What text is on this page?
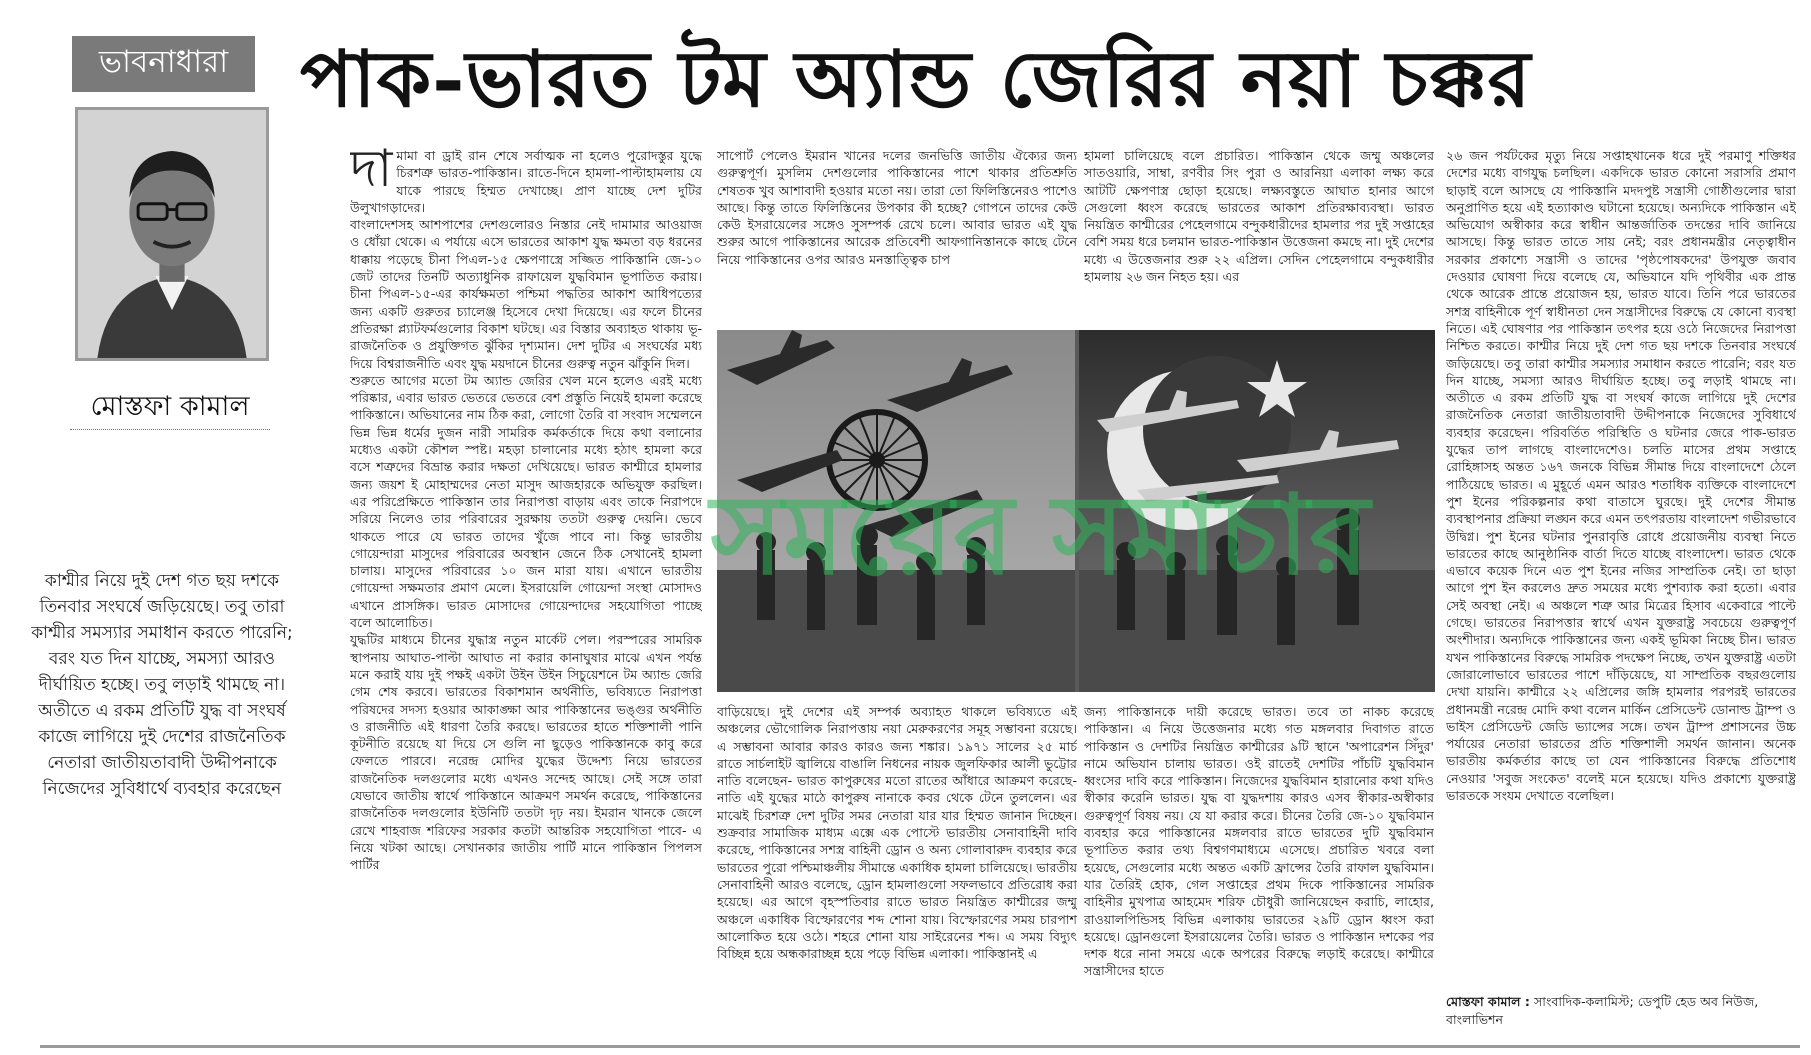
ভাবনাধারা পাক-ভারত টম অ্যান্ড জেরির নয়া চক্কর
মোস্তফা কামাল
কাশ্মীর নিয়ে দুই দেশ গত ছয় দশকে তিনবার সংঘর্ষে জড়িয়েছে। তবু তারা কাশ্মীর সমস্যার সমাধান করতে পারেনি; বরং যত দিন যাচ্ছে, সমস্যা আরও দীর্ঘায়িত হচ্ছে। তবু লড়াই থামছে না। অতীতে এ রকম প্রতিটি যুদ্ধ বা সংঘর্ষ কাজে লাগিয়ে দুই দেশের রাজনৈতিক নেতারা জাতীয়তাবাদী উদ্দীপনাকে নিজেদের সুবিধার্থে ব্যবহার করেছেন
দা মামা বা ড্রাই রান শেষে সর্বাত্মক না হলেও পুরোদস্তুর যুদ্ধে চিরশত্রু ভারত-পাকিস্তান। রাতে-দিনে হামলা-পাল্টাহামলায় যে যাকে পারছে হিম্মত দেখাচ্ছে। প্রাণ যাচ্ছে দেশ দুটির উলুখাগড়াদের।

বাংলাদেশসহ আশপাশের দেশগুলোরও নিস্তার নেই দামামার আওয়াজ ও ধোঁয়া থেকে। এ পর্যায়ে এসে ভারতের আকাশ যুদ্ধ ক্ষমতা বড় ধরনের ধাক্কায় পড়েছে চীনা পিএল-১৫ ক্ষেপণাস্ত্রে সজ্জিত পাকিস্তানি জে-১০ জেট তাদের তিনটি অত্যাধুনিক রাফায়েল যুদ্ধবিমান ভূপাতিত করায়। চীনা পিএল-১৫-এর কার্যক্ষমতা পশ্চিমা পদ্ধতির আকাশ আধিপত্যের জন্য একটি গুরুতর চ্যালেঞ্জ হিসেবে দেখা দিয়েছে। এর ফলে চীনের প্রতিরক্ষা প্ল্যাটফর্মগুলোর বিকাশ ঘটছে। এর বিস্তার অব্যাহত থাকায় ভূ-রাজনৈতিক ও প্রযুক্তিগত ঝুঁকির দৃশ্যমান। দেশ দুটির এ সংঘর্ষের মধ্য দিয়ে বিশ্বরাজনীতি এবং যুদ্ধ ময়দানে চীনের গুরুত্ব নতুন ঝাঁকুনি দিল।

শুরুতে আগের মতো টম অ্যান্ড জেরির খেল মনে হলেও এরই মধ্যে পরিষ্কার, এবার ভারত ভেতরে ভেতরে বেশ প্রস্তুতি নিয়েই হামলা করেছে পাকিস্তানে। অভিযানের নাম ঠিক করা, লোগো তৈরি বা সংবাদ সম্মেলনে ভিন্ন ভিন্ন ধর্মের দুজন নারী সামরিক কর্মকর্তাকে দিয়ে কথা বলানোর মধ্যেও একটা কৌশল স্পষ্ট। মহড়া চালানোর মধ্যে হঠাৎ হামলা করে বসে শত্রুদের বিভ্রান্ত করার দক্ষতা দেখিয়েছে। ভারত কাশ্মীরে হামলার জন্য জয়শ ই মোহাম্মদের নেতা মাসুদ আজহারকে অভিযুক্ত করছিল। এর পরিপ্রেক্ষিতে পাকিস্তান তার নিরাপত্তা বাড়ায় এবং তাকে নিরাপদে সরিয়ে নিলেও তার পরিবারের সুরক্ষায় ততটা গুরুত্ব দেয়নি। ভেবে থাকতে পারে যে ভারত তাদের খুঁজে পাবে না। কিন্তু ভারতীয় গোয়েন্দারা মাসুদের পরিবারের অবস্থান জেনে ঠিক সেখানেই হামলা চালায়। মাসুদের পরিবারের ১০ জন মারা যায়। এখানে ভারতীয় গোয়েন্দা সক্ষমতার প্রমাণ মেলে। ইসরায়েলি গোয়েন্দা সংস্থা মোসাদও এখানে প্রাসঙ্গিক। ভারত মোসাদের গোয়েন্দাদের সহযোগিতা পাচ্ছে বলে আলোচিত।

যুদ্ধটির মাধ্যমে চীনের যুদ্ধাস্ত্র নতুন মার্কেট পেল। পরস্পরের সামরিক স্থাপনায় আঘাত-পাল্টা আঘাত না করার কানাঘুষার মাঝে এখন পর্যন্ত মনে করাই যায় দুই পক্ষই একটা উইন উইন সিচুয়েশনে টম অ্যান্ড জেরি গেম শেষ করবে। ভারতের বিকাশমান অর্থনীতি, ভবিষ্যতে নিরাপত্তা পরিষদের সদস্য হওয়ার আকাঙ্ক্ষা আর পাকিস্তানের ভঙ্গুর অর্থনীতি ও রাজনীতি এই ধারণা তৈরি করছে। ভারতের হাতে শক্তিশালী পানি কূটনীতি রয়েছে যা দিয়ে সে গুলি না ছুড়েও পাকিস্তানকে কাবু করে ফেলতে পারবে। নরেন্দ্র মোদির যুদ্ধের উদ্দেশ্য নিয়ে ভারতের রাজনৈতিক দলগুলোর মধ্যে এখনও সন্দেহ আছে। সেই সঙ্গে তারা যেভাবে জাতীয় স্বার্থে পাকিস্তানে আক্রমণ সমর্থন করেছে, পাকিস্তানের রাজনৈতিক দলগুলোর ইউনিটি ততটা দৃঢ় নয়। ইমরান খানকে জেলে রেখে শাহবাজ শরিফের সরকার কতটা আন্তরিক সহযোগিতা পাবে- এ নিয়ে খটকা আছে। সেখানকার জাতীয় পার্টি মানে পাকিস্তান পিপলস পার্টির

সাপোর্ট পেলেও ইমরান খানের দলের জনভিত্তি জাতীয় ঐক্যের জন্য গুরুত্বপূর্ণ। মুসলিম দেশগুলোর পাকিস্তানের পাশে থাকার প্রতিশ্রুতি শেষতক খুব আশাবাদী হওয়ার মতো নয়। তারা তো ফিলিস্তিনেরও পাশেও আছে। কিন্তু তাতে ফিলিস্তিনের উপকার কী হচ্ছে? গোপনে তাদের কেউ কেউ ইসরায়েলের সঙ্গেও সুসম্পর্ক রেখে চলে। আবার ভারত এই যুদ্ধ শুরুর আগে পাকিস্তানের আরেক প্রতিবেশী আফগানিস্তানকে কাছে টেনে নিয়ে পাকিস্তানের ওপর আরও মনস্তাত্ত্বিক চাপ

হামলা চালিয়েছে বলে প্রচারিত। পাকিস্তান থেকে জম্মু অঞ্চলের সাতওয়ারি, সাম্বা, রণবীর সিং পুরা ও আরনিয়া এলাকা লক্ষ্য করে আটটি ক্ষেপণাস্ত্র ছোড়া হয়েছে। লক্ষ্যবস্তুতে আঘাত হানার আগে সেগুলো ধ্বংস করেছে ভারতের আকাশ প্রতিরক্ষাব্যবস্থা। ভারত নিয়ন্ত্রিত কাশ্মীরের পেহেলগামে বন্দুকধারীদের হামলার পর দুই সপ্তাহের বেশি সময় ধরে চলমান ভারত-পাকিস্তান উত্তেজনা কমছে না। দুই দেশের মধ্যে এ উত্তেজনার শুরু ২২ এপ্রিল। সেদিন পেহেলগামে বন্দুকধারীর হামলায় ২৬ জন নিহত হয়। এর

সময়ের সমাচার

বাড়িয়েছে। দুই দেশের এই সম্পর্ক অব্যাহত থাকলে ভবিষ্যতে এই অঞ্চলের ভৌগোলিক নিরাপত্তায় নয়া মেরুকরণের সমূহ সম্ভাবনা রয়েছে। এ সম্ভাবনা আবার কারও কারও জন্য শঙ্কার। ১৯৭১ সালের ২৫ মার্চ রাতে সার্চলাইট জ্বালিয়ে বাঙালি নিধনের নায়ক জুলফিকার আলী ভুট্টোর নাতি বলেছেন- ভারত কাপুরুষের মতো রাতের আঁধারে আক্রমণ করেছে- নাতি এই যুদ্ধের মাঠে কাপুরুষ নানাকে কবর থেকে টেনে তুললেন। এর মাঝেই চিরশত্রু দেশ দুটির সমর নেতারা যার যার হিম্মত জানান দিচ্ছেন। শুক্রবার সামাজিক মাধ্যম এক্সে এক পোস্টে ভারতীয় সেনাবাহিনী দাবি করেছে, পাকিস্তানের সশস্ত্র বাহিনী ড্রোন ও অন্য গোলাবারুদ ব্যবহার করে ভারতের পুরো পশ্চিমাঞ্চলীয় সীমান্তে একাধিক হামলা চালিয়েছে। ভারতীয় সেনাবাহিনী আরও বলেছে, ড্রোন হামলাগুলো সফলভাবে প্রতিরোধ করা হয়েছে। এর আগে বৃহস্পতিবার রাতে ভারত নিয়ন্ত্রিত কাশ্মীরের জম্মু অঞ্চলে একাধিক বিস্ফোরণের শব্দ শোনা যায়। বিস্ফোরণের সময় চারপাশ আলোকিত হয়ে ওঠে। শহরে শোনা যায় সাইরেনের শব্দ। এ সময় বিদ্যুৎ বিচ্ছিন্ন হয়ে অন্ধকারাচ্ছন্ন হয়ে পড়ে বিভিন্ন এলাকা। পাকিস্তানই এ

জন্য পাকিস্তানকে দায়ী করেছে ভারত। তবে তা নাকচ করেছে পাকিস্তান। এ নিয়ে উত্তেজনার মধ্যে গত মঙ্গলবার দিবাগত রাতে পাকিস্তান ও দেশটির নিয়ন্ত্রিত কাশ্মীরের ৯টি স্থানে 'অপারেশন সিঁদুর' নামে অভিযান চালায় ভারত। ওই রাতেই দেশটির পাঁচটি যুদ্ধবিমান ধ্বংসের দাবি করে পাকিস্তান। নিজেদের যুদ্ধবিমান হারানোর কথা যদিও স্বীকার করেনি ভারত। যুদ্ধ বা যুদ্ধদশায় কারও এসব স্বীকার-অস্বীকার গুরুত্বপূর্ণ বিষয় নয়। যে যা করার করে। চীনের তৈরি জে-১০ যুদ্ধবিমান ব্যবহার করে পাকিস্তানের মঙ্গলবার রাতে ভারতের দুটি যুদ্ধবিমান ভূপাতিত করার তথ্য বিশ্বগণমাধ্যমে এসেছে। প্রচারিত খবরে বলা হয়েছে, সেগুলোর মধ্যে অন্তত একটি ফ্রান্সের তৈরি রাফাল যুদ্ধবিমান। যার তৈরিই হোক, গেল সপ্তাহের প্রথম দিকে পাকিস্তানের সামরিক বাহিনীর মুখপাত্র আহমেদ শরিফ চৌধুরী জানিয়েছেন করাচি, লাহোর, রাওয়ালপিন্ডিসহ বিভিন্ন এলাকায় ভারতের ২৯টি ড্রোন ধ্বংস করা হয়েছে। ড্রোনগুলো ইসরায়েলের তৈরি। ভারত ও পাকিস্তান দশকের পর দশক ধরে নানা সময়ে একে অপরের বিরুদ্ধে লড়াই করেছে। কাশ্মীরে সন্ত্রাসীদের হাতে

২৬ জন পর্যটকের মৃত্যু নিয়ে সপ্তাহখানেক ধরে দুই পরমাণু শক্তিধর দেশের মধ্যে বাগযুদ্ধ চলছিল। একদিকে ভারত কোনো সরাসরি প্রমাণ ছাড়াই বলে আসছে যে পাকিস্তানি মদদপুষ্ট সন্ত্রাসী গোষ্ঠীগুলোর দ্বারা অনুপ্রাণিত হয়ে এই হত্যাকাণ্ড ঘটানো হয়েছে। অন্যদিকে পাকিস্তান এই অভিযোগ অস্বীকার করে স্বাধীন আন্তর্জাতিক তদন্তের দাবি জানিয়ে আসছে। কিন্তু ভারত তাতে সায় নেই; বরং প্রধানমন্ত্রীর নেতৃত্বাধীন সরকার প্রকাশ্যে সন্ত্রাসী ও তাদের 'পৃষ্ঠপোষকদের' উপযুক্ত জবাব দেওয়ার ঘোষণা দিয়ে বলেছে যে, অভিযানে যদি পৃথিবীর এক প্রান্ত থেকে আরেক প্রান্তে প্রয়োজন হয়, ভারত যাবে। তিনি পরে ভারতের সশস্ত্র বাহিনীকে পূর্ণ স্বাধীনতা দেন সন্ত্রাসীদের বিরুদ্ধে যে কোনো ব্যবস্থা নিতে। এই ঘোষণার পর পাকিস্তান তৎপর হয়ে ওঠে নিজেদের নিরাপত্তা নিশ্চিত করতে। কাশ্মীর নিয়ে দুই দেশ গত ছয় দশকে তিনবার সংঘর্ষে জড়িয়েছে। তবু তারা কাশ্মীর সমস্যার সমাধান করতে পারেনি; বরং যত দিন যাচ্ছে, সমস্যা আরও দীর্ঘায়িত হচ্ছে। তবু লড়াই থামছে না। অতীতে এ রকম প্রতিটি যুদ্ধ বা সংঘর্ষ কাজে লাগিয়ে দুই দেশের রাজনৈতিক নেতারা জাতীয়তাবাদী উদ্দীপনাকে নিজেদের সুবিধার্থে ব্যবহার করেছেন। পরিবর্তিত পরিস্থিতি ও ঘটনার জেরে পাক-ভারত যুদ্ধের তাপ লাগছে বাংলাদেশেও। চলতি মাসের প্রথম সপ্তাহে রোহিঙ্গাসহ অন্তত ১৬৭ জনকে বিভিন্ন সীমান্ত দিয়ে বাংলাদেশে ঠেলে পাঠিয়েছে ভারত। এ মুহূর্তে এমন আরও শতাধিক ব্যক্তিকে বাংলাদেশে পুশ ইনের পরিকল্পনার কথা বাতাসে ঘুরছে। দুই দেশের সীমান্ত ব্যবস্থাপনার প্রক্রিয়া লঙ্ঘন করে এমন তৎপরতায় বাংলাদেশ গভীরভাবে উদ্বিগ্ন। পুশ ইনের ঘটনার পুনরাবৃত্তি রোধে প্রয়োজনীয় ব্যবস্থা নিতে ভারতের কাছে আনুষ্ঠানিক বার্তা দিতে যাচ্ছে বাংলাদেশ। ভারত থেকে এভাবে কয়েক দিনে এত পুশ ইনের নজির সাম্প্রতিক নেই। তা ছাড়া আগে পুশ ইন করলেও দ্রুত সময়ের মধ্যে পুশব্যাক করা হতো। এবার সেই অবস্থা নেই। এ অঞ্চলে শত্রু আর মিত্রের হিসাব একেবারে পাল্টে গেছে। ভারতের নিরাপত্তার স্বার্থে এখন যুক্তরাষ্ট্র সবচেয়ে গুরুত্বপূর্ণ অংশীদার। অন্যদিকে পাকিস্তানের জন্য একই ভূমিকা নিচ্ছে চীন। ভারত যখন পাকিস্তানের বিরুদ্ধে সামরিক পদক্ষেপ নিচ্ছে, তখন যুক্তরাষ্ট্র এতটা জোরালোভাবে ভারতের পাশে দাঁড়িয়েছে, যা সাম্প্রতিক বছরগুলোয় দেখা যায়নি। কাশ্মীরে ২২ এপ্রিলের জঙ্গি হামলার পরপরই ভারতের প্রধানমন্ত্রী নরেন্দ্র মোদি কথা বলেন মার্কিন প্রেসিডেন্ট ডোনাল্ড ট্রাম্প ও ভাইস প্রেসিডেন্ট জেডি ভ্যান্সের সঙ্গে। তখন ট্রাম্প প্রশাসনের উচ্চ পর্যায়ের নেতারা ভারতের প্রতি শক্তিশালী সমর্থন জানান। অনেক ভারতীয় কর্মকর্তার কাছে তা যেন পাকিস্তানের বিরুদ্ধে প্রতিশোধ নেওয়ার 'সবুজ সংকেত' বলেই মনে হয়েছে। যদিও প্রকাশ্যে যুক্তরাষ্ট্র ভারতকে সংযম দেখাতে বলেছিল।

মোস্তফা কামাল : সাংবাদিক-কলামিস্ট; ডেপুটি হেড অব নিউজ, বাংলাভিশন
